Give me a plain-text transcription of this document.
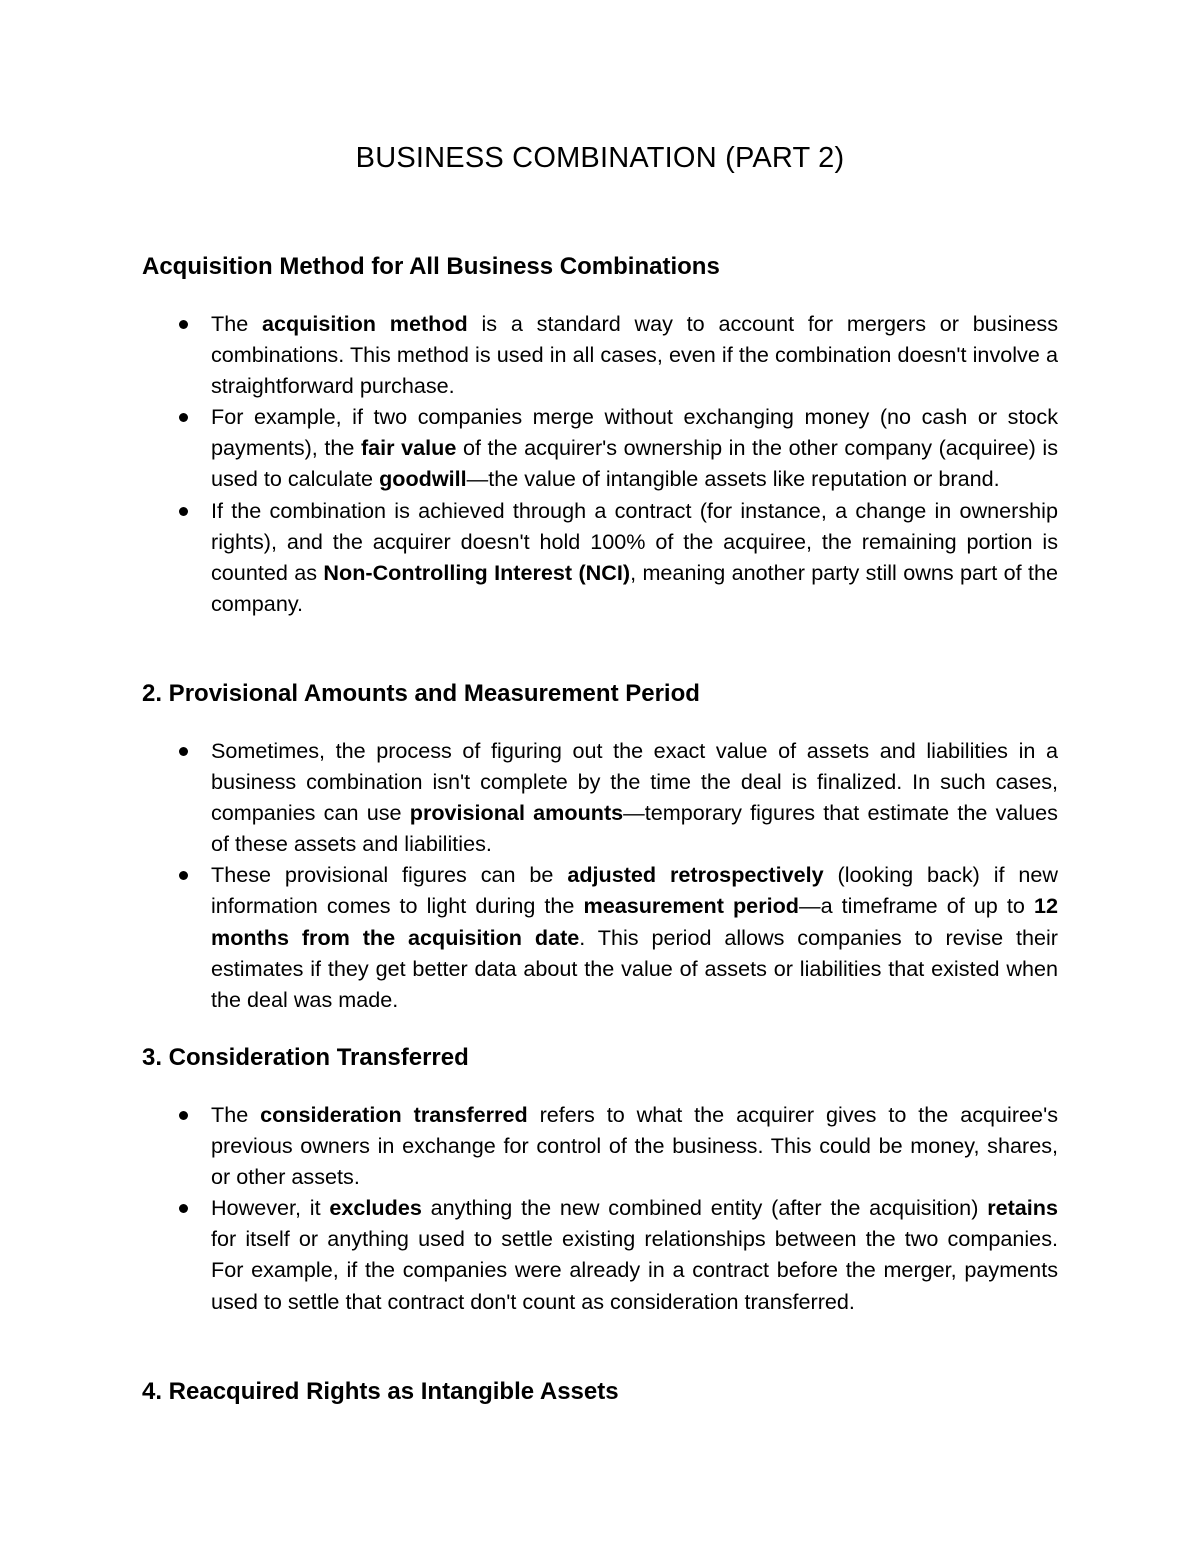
BUSINESS COMBINATION (PART 2)
Acquisition Method for All Business Combinations
The acquisition method is a standard way to account for mergers or business combinations. This method is used in all cases, even if the combination doesn't involve a straightforward purchase.
For example, if two companies merge without exchanging money (no cash or stock payments), the fair value of the acquirer's ownership in the other company (acquiree) is used to calculate goodwill—the value of intangible assets like reputation or brand.
If the combination is achieved through a contract (for instance, a change in ownership rights), and the acquirer doesn't hold 100% of the acquiree, the remaining portion is counted as Non-Controlling Interest (NCI), meaning another party still owns part of the company.
2. Provisional Amounts and Measurement Period
Sometimes, the process of figuring out the exact value of assets and liabilities in a business combination isn't complete by the time the deal is finalized. In such cases, companies can use provisional amounts—temporary figures that estimate the values of these assets and liabilities.
These provisional figures can be adjusted retrospectively (looking back) if new information comes to light during the measurement period—a timeframe of up to 12 months from the acquisition date. This period allows companies to revise their estimates if they get better data about the value of assets or liabilities that existed when the deal was made.
3. Consideration Transferred
The consideration transferred refers to what the acquirer gives to the acquiree's previous owners in exchange for control of the business. This could be money, shares, or other assets.
However, it excludes anything the new combined entity (after the acquisition) retains for itself or anything used to settle existing relationships between the two companies. For example, if the companies were already in a contract before the merger, payments used to settle that contract don't count as consideration transferred.
4. Reacquired Rights as Intangible Assets
